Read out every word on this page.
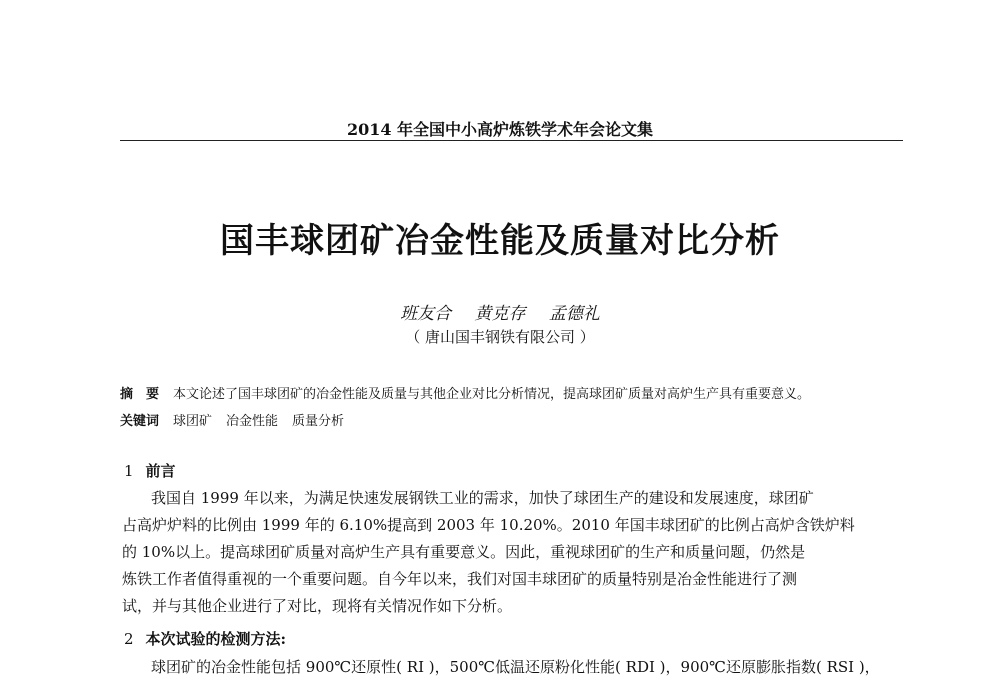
2014 年全国中小高炉炼铁学术年会论文集
国丰球团矿冶金性能及质量对比分析
班友合 黄克存 孟德礼
（ 唐山国丰钢铁有限公司 ）
摘　要 本文论述了国丰球团矿的冶金性能及质量与其他企业对比分析情况，提高球团矿质量对高炉生产具有重要意义。
关键词 球团矿 冶金性能 质量分析
1 前言
我国自 1999 年以来，为满足快速发展钢铁工业的需求，加快了球团生产的建设和发展速度，球团矿
占高炉炉料的比例由 1999 年的 6.10%提高到 2003 年 10.20%。2010 年国丰球团矿的比例占高炉含铁炉料
的 10%以上。提高球团矿质量对高炉生产具有重要意义。因此，重视球团矿的生产和质量问题，仍然是
炼铁工作者值得重视的一个重要问题。自今年以来，我们对国丰球团矿的质量特别是冶金性能进行了测
试，并与其他企业进行了对比，现将有关情况作如下分析。
2 本次试验的检测方法:
球团矿的冶金性能包括 900℃还原性( RI )，500℃低温还原粉化性能( RDI )，900℃还原膨胀指数( RSI )，
